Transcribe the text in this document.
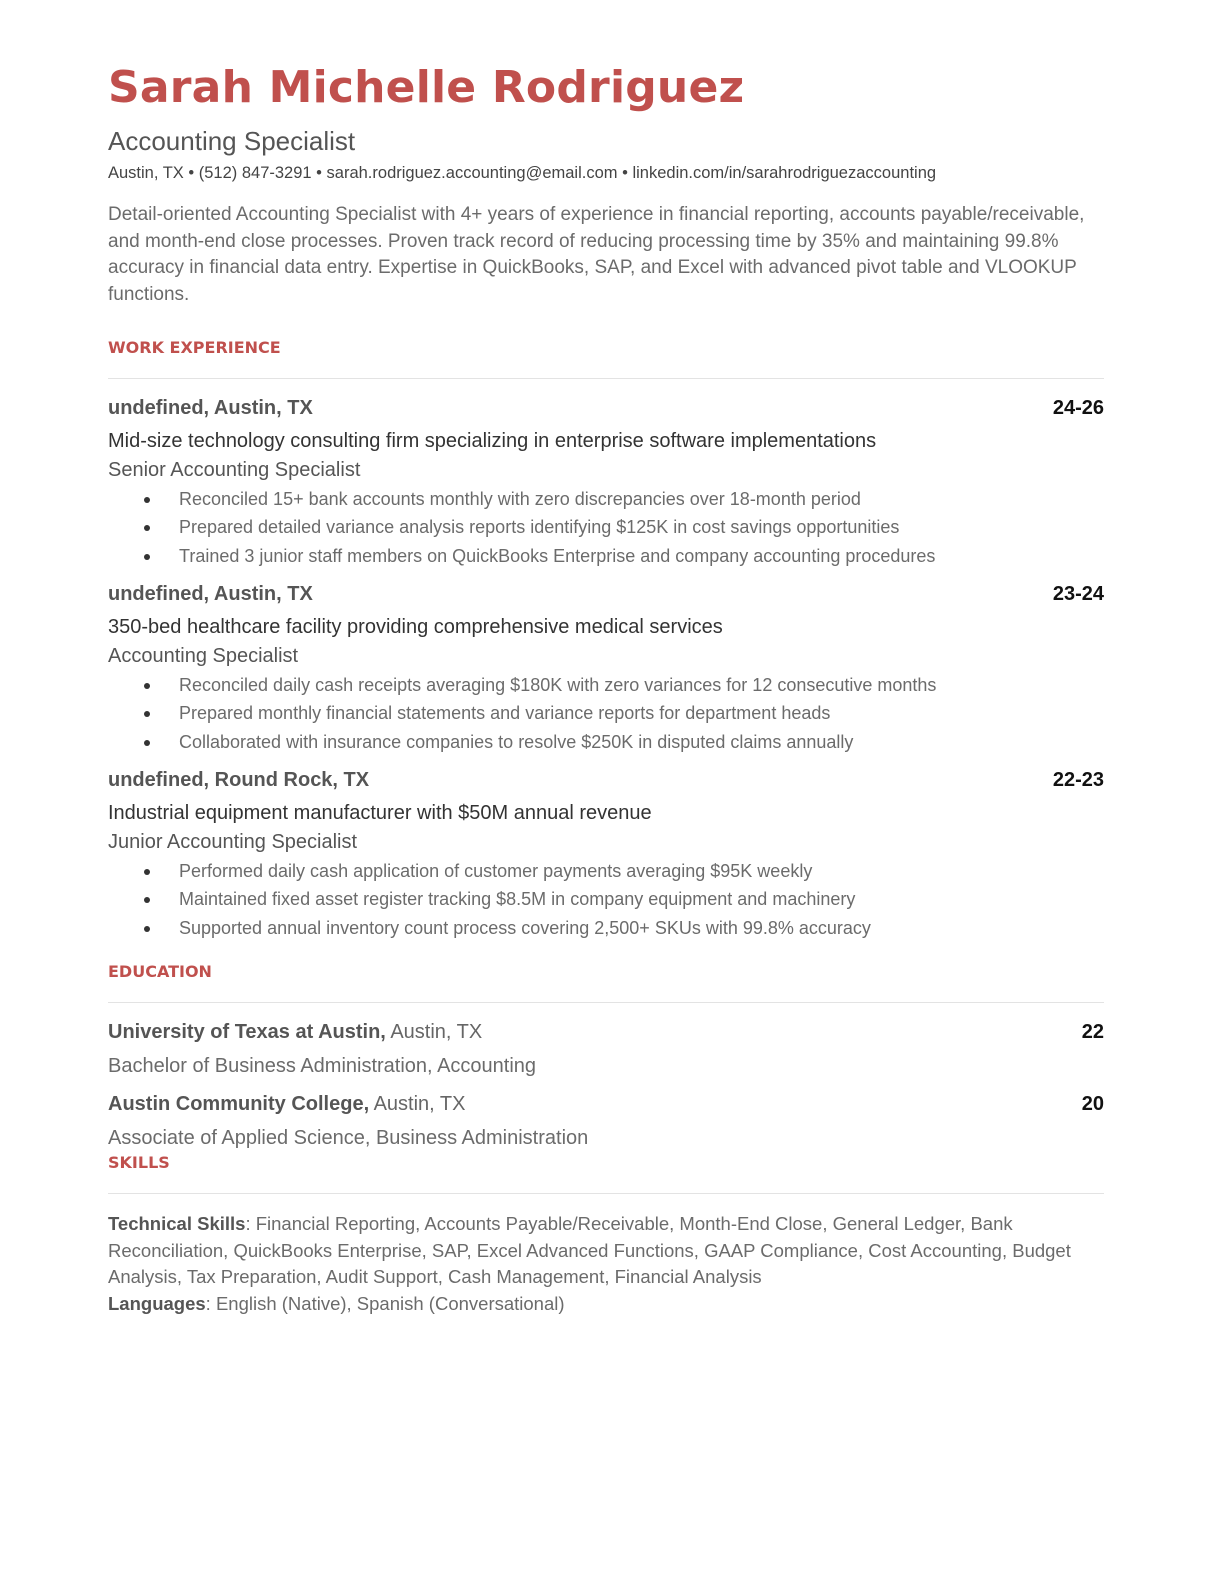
Sarah Michelle Rodriguez
Accounting Specialist
Austin, TX • (512) 847-3291 • sarah.rodriguez.accounting@email.com • linkedin.com/in/sarahrodriguezaccounting
Detail-oriented Accounting Specialist with 4+ years of experience in financial reporting, accounts payable/receivable, and month-end close processes. Proven track record of reducing processing time by 35% and maintaining 99.8% accuracy in financial data entry. Expertise in QuickBooks, SAP, and Excel with advanced pivot table and VLOOKUP functions.
WORK EXPERIENCE
undefined, Austin, TX	24-26
Mid-size technology consulting firm specializing in enterprise software implementations
Senior Accounting Specialist
Reconciled 15+ bank accounts monthly with zero discrepancies over 18-month period
Prepared detailed variance analysis reports identifying $125K in cost savings opportunities
Trained 3 junior staff members on QuickBooks Enterprise and company accounting procedures
undefined, Austin, TX	23-24
350-bed healthcare facility providing comprehensive medical services
Accounting Specialist
Reconciled daily cash receipts averaging $180K with zero variances for 12 consecutive months
Prepared monthly financial statements and variance reports for department heads
Collaborated with insurance companies to resolve $250K in disputed claims annually
undefined, Round Rock, TX	22-23
Industrial equipment manufacturer with $50M annual revenue
Junior Accounting Specialist
Performed daily cash application of customer payments averaging $95K weekly
Maintained fixed asset register tracking $8.5M in company equipment and machinery
Supported annual inventory count process covering 2,500+ SKUs with 99.8% accuracy
EDUCATION
University of Texas at Austin, Austin, TX	22
Bachelor of Business Administration, Accounting
Austin Community College, Austin, TX	20
Associate of Applied Science, Business Administration
SKILLS
Technical Skills: Financial Reporting, Accounts Payable/Receivable, Month-End Close, General Ledger, Bank Reconciliation, QuickBooks Enterprise, SAP, Excel Advanced Functions, GAAP Compliance, Cost Accounting, Budget Analysis, Tax Preparation, Audit Support, Cash Management, Financial Analysis
Languages: English (Native), Spanish (Conversational)
